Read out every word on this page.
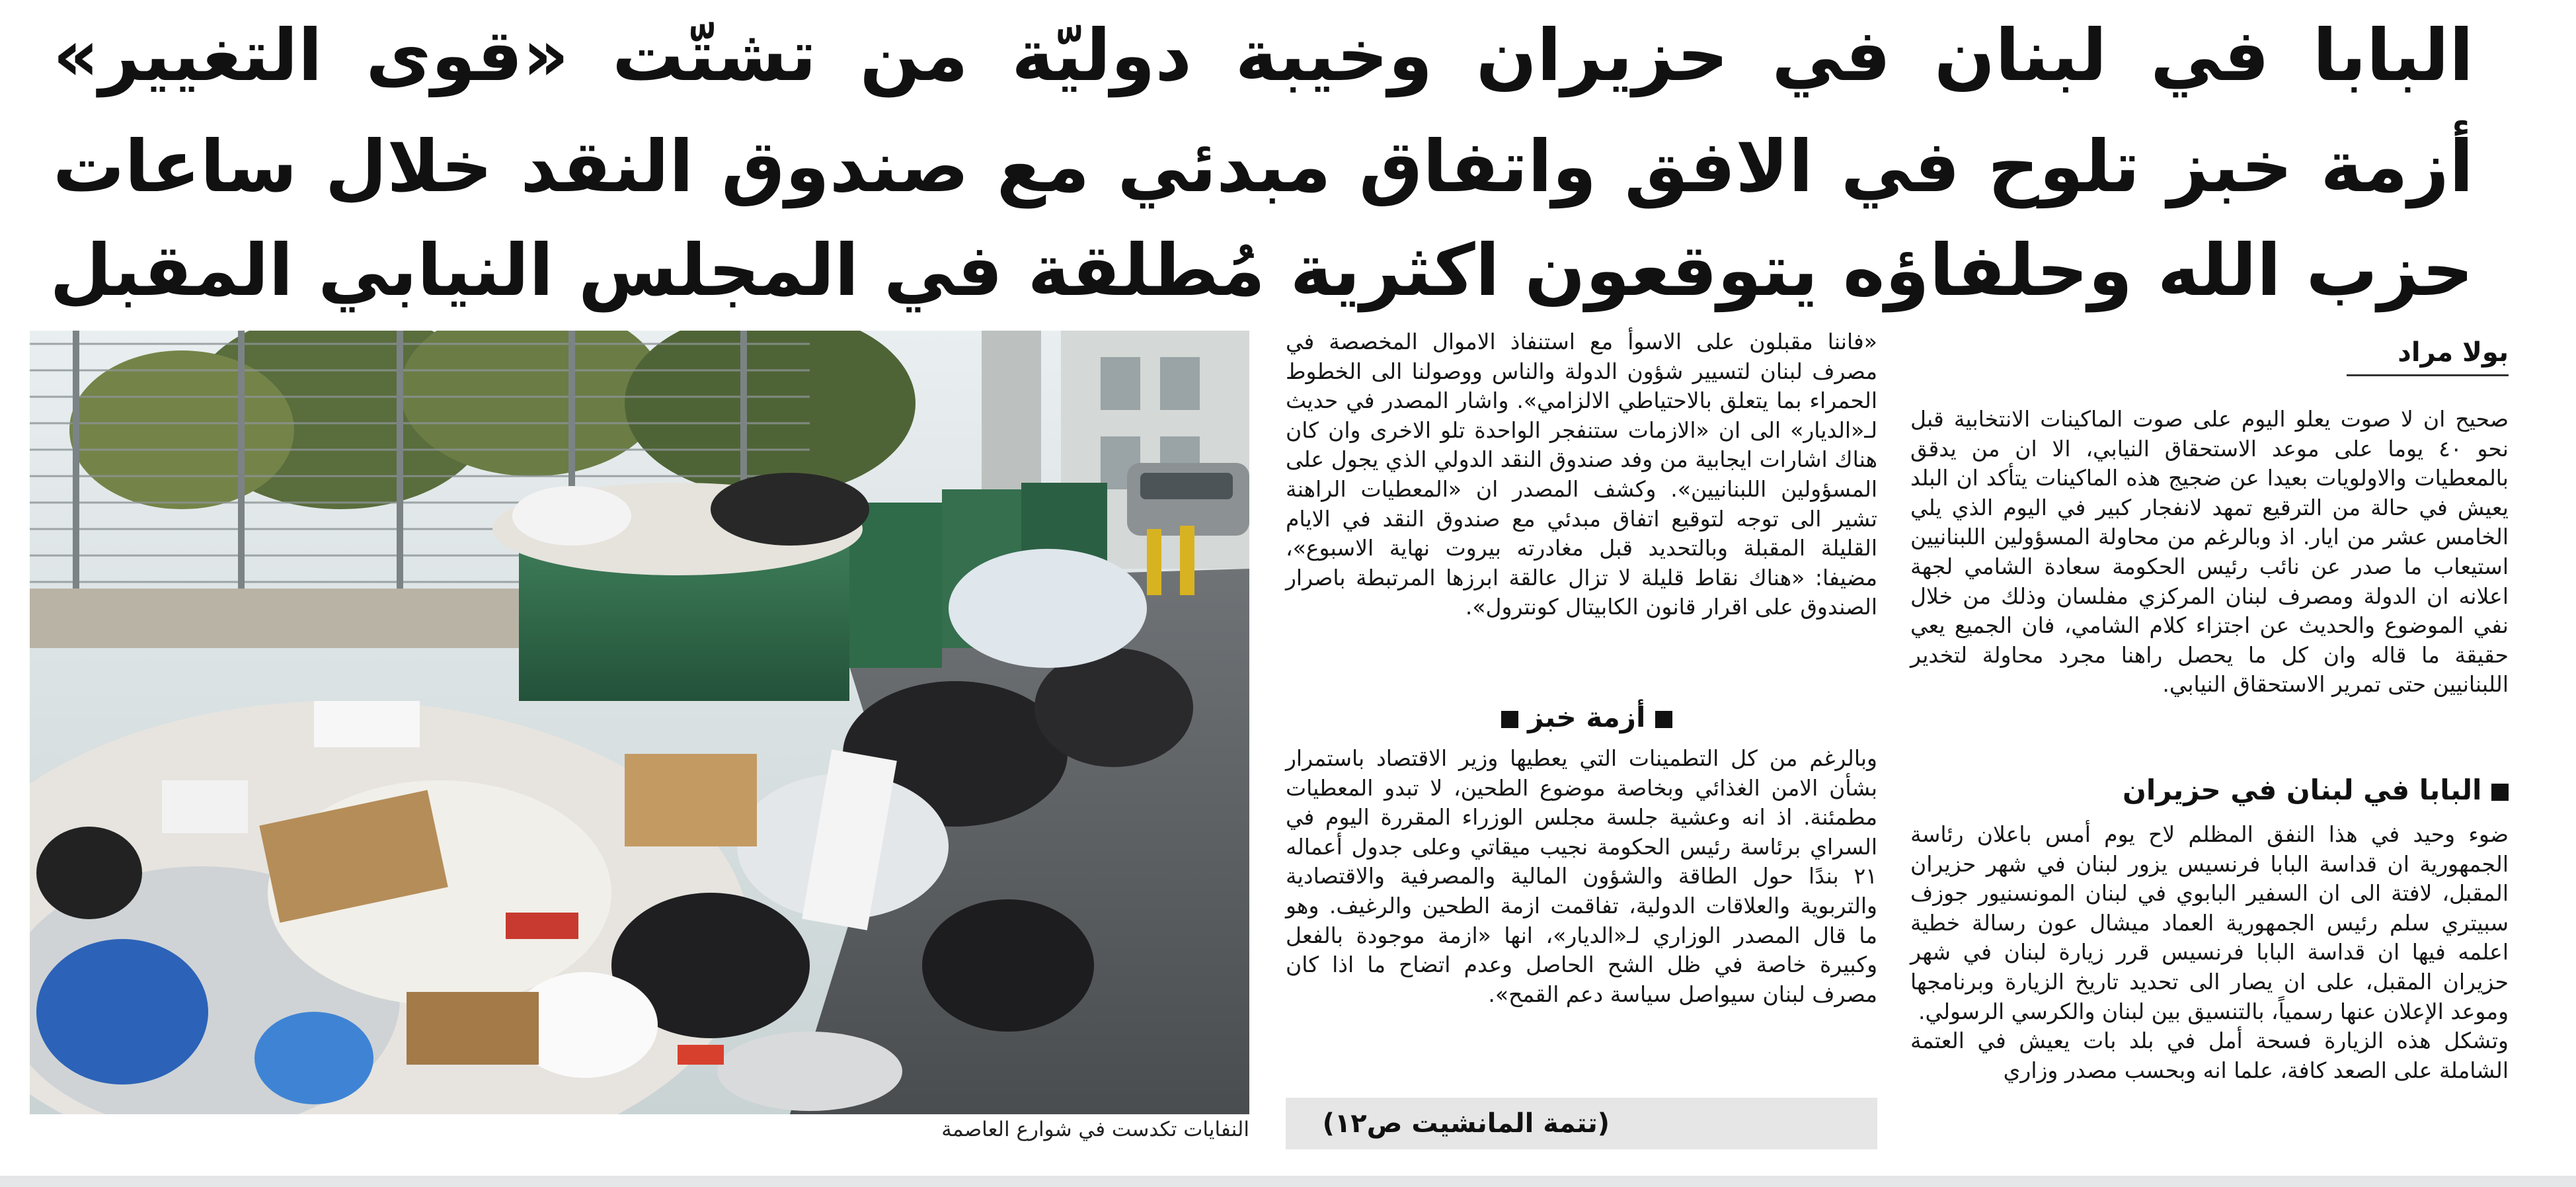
البابا في لبنان في حزيران وخيبة دوليّة من تشتّت «قوى التغيير»
أزمة خبز تلوح في الافق واتفاق مبدئي مع صندوق النقد خلال ساعات
حزب الله وحلفاؤه يتوقعون اكثرية مُطلقة في المجلس النيابي المقبل
النفايات تكدست في شوارع العاصمة

«فاننا مقبلون على الاسوأ مع استنفاذ الاموال المخصصة في مصرف لبنان لتسيير شؤون الدولة والناس ووصولنا الى الخطوط الحمراء بما يتعلق بالاحتياطي الالزامي». واشار المصدر في حديث لـ«الديار» الى ان «الازمات ستنفجر الواحدة تلو الاخرى وان كان هناك اشارات ايجابية من وفد صندوق النقد الدولي الذي يجول على المسؤولين اللبنانيين». وكشف المصدر ان «المعطيات الراهنة تشير الى توجه لتوقيع اتفاق مبدئي مع صندوق النقد في الايام القليلة المقبلة وبالتحديد قبل مغادرته بيروت نهاية الاسبوع»، مضيفا: «هناك نقاط قليلة لا تزال عالقة ابرزها المرتبطة باصرار الصندوق على اقرار قانون الكابيتال كونترول».

أزمة خبز

وبالرغم من كل التطمينات التي يعطيها وزير الاقتصاد باستمرار بشأن الامن الغذائي وبخاصة موضوع الطحين، لا تبدو المعطيات مطمئنة. اذ انه وعشية جلسة مجلس الوزراء المقررة اليوم في السراي برئاسة رئيس الحكومة نجيب ميقاتي وعلى جدول أعماله ٢١ بندًا حول الطاقة والشؤون المالية والمصرفية والاقتصادية والتربوية والعلاقات الدولية، تفاقمت ازمة الطحين والرغيف. وهو ما قال المصدر الوزاري لـ«الديار»، انها «ازمة موجودة بالفعل وكبيرة خاصة في ظل الشح الحاصل وعدم اتضاح ما اذا كان مصرف لبنان سيواصل سياسة دعم القمح».

(تتمة المانشيت ص١٢)
بولا مراد

صحيح ان لا صوت يعلو اليوم على صوت الماكينات الانتخابية قبل نحو ٤٠ يوما على موعد الاستحقاق النيابي، الا ان من يدقق بالمعطيات والاولويات بعيدا عن ضجيج هذه الماكينات يتأكد ان البلد يعيش في حالة من الترقيع تمهد لانفجار كبير في اليوم الذي يلي الخامس عشر من ايار. اذ وبالرغم من محاولة المسؤولين اللبنانيين استيعاب ما صدر عن نائب رئيس الحكومة سعادة الشامي لجهة اعلانه ان الدولة ومصرف لبنان المركزي مفلسان وذلك من خلال نفي الموضوع والحديث عن اجتزاء كلام الشامي، فان الجميع يعي حقيقة ما قاله وان كل ما يحصل راهنا مجرد محاولة لتخدير اللبنانيين حتى تمرير الاستحقاق النيابي.

البابا في لبنان في حزيران

ضوء وحيد في هذا النفق المظلم لاح يوم أمس باعلان رئاسة الجمهورية ان قداسة البابا فرنسيس يزور لبنان في شهر حزيران المقبل، لافتة الى ان السفير البابوي في لبنان المونسنيور جوزف سبيتري سلم رئيس الجمهورية العماد ميشال عون رسالة خطية اعلمه فيها ان قداسة البابا فرنسيس قرر زيارة لبنان في شهر حزيران المقبل، على ان يصار الى تحديد تاريخ الزيارة وبرنامجها وموعد الإعلان عنها رسمياً، بالتنسيق بين لبنان والكرسي الرسولي.

وتشكل هذه الزيارة فسحة أمل في بلد بات يعيش في العتمة الشاملة على الصعد كافة، علما انه وبحسب مصدر وزاري
